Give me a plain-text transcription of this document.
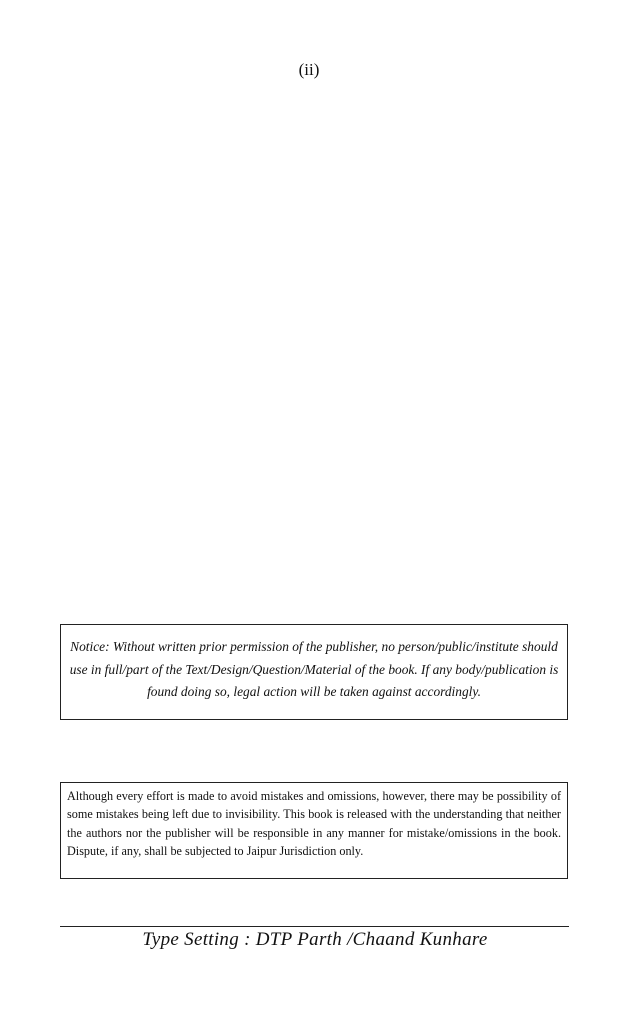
(ii)
Notice: Without written prior permission of the publisher, no person/public/institute should use in full/part of the Text/Design/Question/Material of the book. If any body/publication is found doing so, legal action will be taken against accordingly.
Although every effort is made to avoid mistakes and omissions, however, there may be possibility of some mistakes being left due to invisibility. This book is released with the understanding that neither the authors nor the publisher will be responsible in any manner for mistake/omissions in the book. Dispute, if any, shall be subjected to Jaipur Jurisdiction only.
Type Setting : DTP Parth /Chaand Kunhare
